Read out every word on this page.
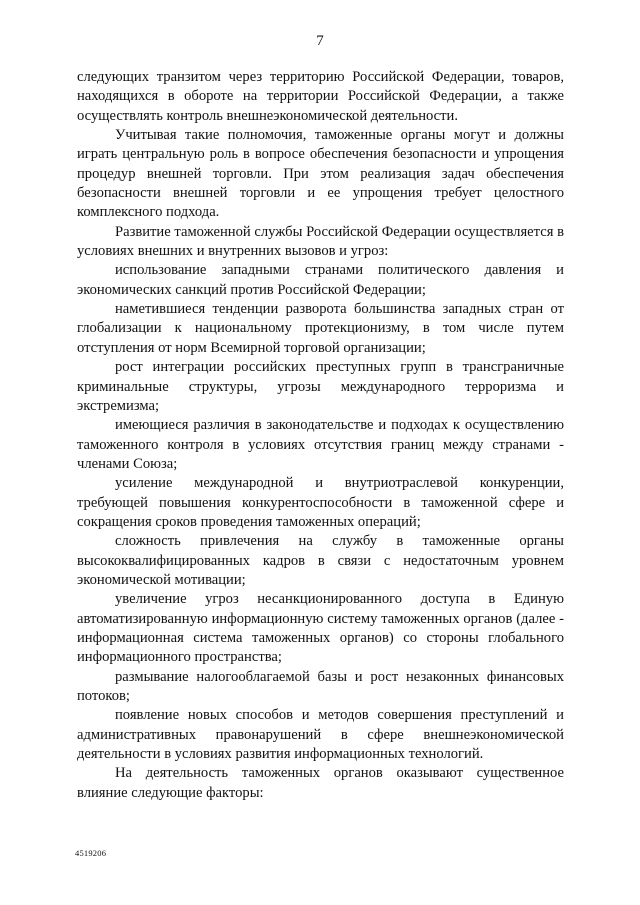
7

следующих транзитом через территорию Российской Федерации, товаров, находящихся в обороте на территории Российской Федерации, а также осуществлять контроль внешнеэкономической деятельности.

Учитывая такие полномочия, таможенные органы могут и должны играть центральную роль в вопросе обеспечения безопасности и упрощения процедур внешней торговли. При этом реализация задач обеспечения безопасности внешней торговли и ее упрощения требует целостного комплексного подхода.

Развитие таможенной службы Российской Федерации осуществляется в условиях внешних и внутренних вызовов и угроз:

использование западными странами политического давления и экономических санкций против Российской Федерации;

наметившиеся тенденции разворота большинства западных стран от глобализации к национальному протекционизму, в том числе путем отступления от норм Всемирной торговой организации;

рост интеграции российских преступных групп в трансграничные криминальные структуры, угрозы международного терроризма и экстремизма;

имеющиеся различия в законодательстве и подходах к осуществлению таможенного контроля в условиях отсутствия границ между странами - членами Союза;

усиление международной и внутриотраслевой конкуренции, требующей повышения конкурентоспособности в таможенной сфере и сокращения сроков проведения таможенных операций;

сложность привлечения на службу в таможенные органы высококвалифицированных кадров в связи с недостаточным уровнем экономической мотивации;

увеличение угроз несанкционированного доступа в Единую автоматизированную информационную систему таможенных органов (далее - информационная система таможенных органов) со стороны глобального информационного пространства;

размывание налогооблагаемой базы и рост незаконных финансовых потоков;

появление новых способов и методов совершения преступлений и административных правонарушений в сфере внешнеэкономической деятельности в условиях развития информационных технологий.

На деятельность таможенных органов оказывают существенное влияние следующие факторы:

4519206
